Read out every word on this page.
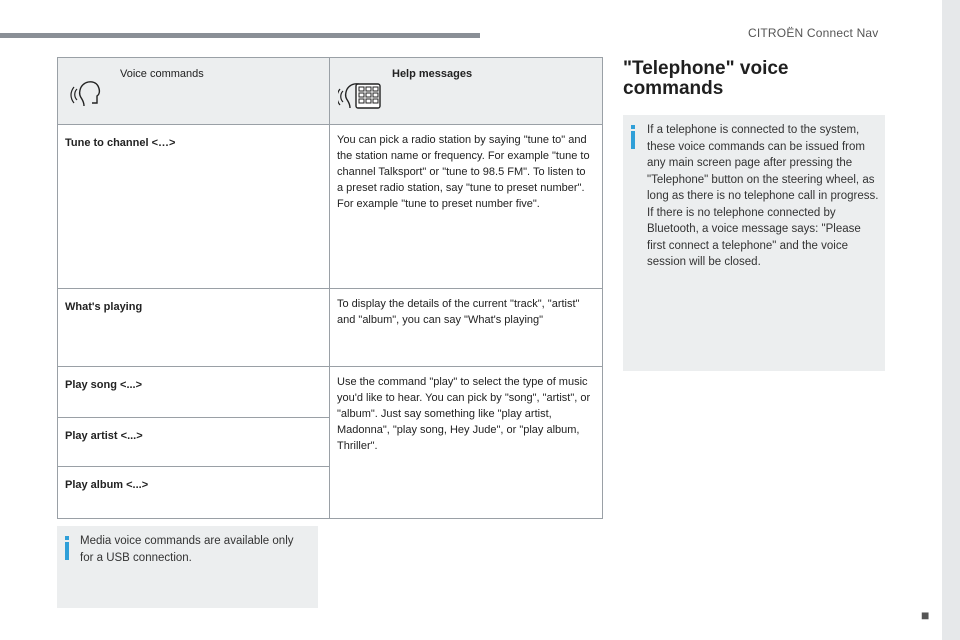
CITROËN Connect Nav
Voice commands	Help messages

Tune to channel <…>	You can pick a radio station by saying "tune to" and the station name or frequency. For example "tune to channel Talksport" or "tune to 98.5 FM". To listen to a preset radio station, say "tune to preset number". For example "tune to preset number five".
What's playing	To display the details of the current "track", "artist" and "album", you can say "What's playing"
Play song <...>	Use the command "play" to select the type of music you'd like to hear. You can pick by "song", "artist", or "album". Just say something like "play artist, Madonna", "play song, Hey Jude", or "play album, Thriller".
Play artist <...>	
Play album <...>	
Media voice commands are available only for a USB connection.
"Telephone" voice commands
If a telephone is connected to the system, these voice commands can be issued from any main screen page after pressing the "Telephone" button on the steering wheel, as long as there is no telephone call in progress.
If there is no telephone connected by Bluetooth, a voice message says: "Please first connect a telephone" and the voice session will be closed.
■
